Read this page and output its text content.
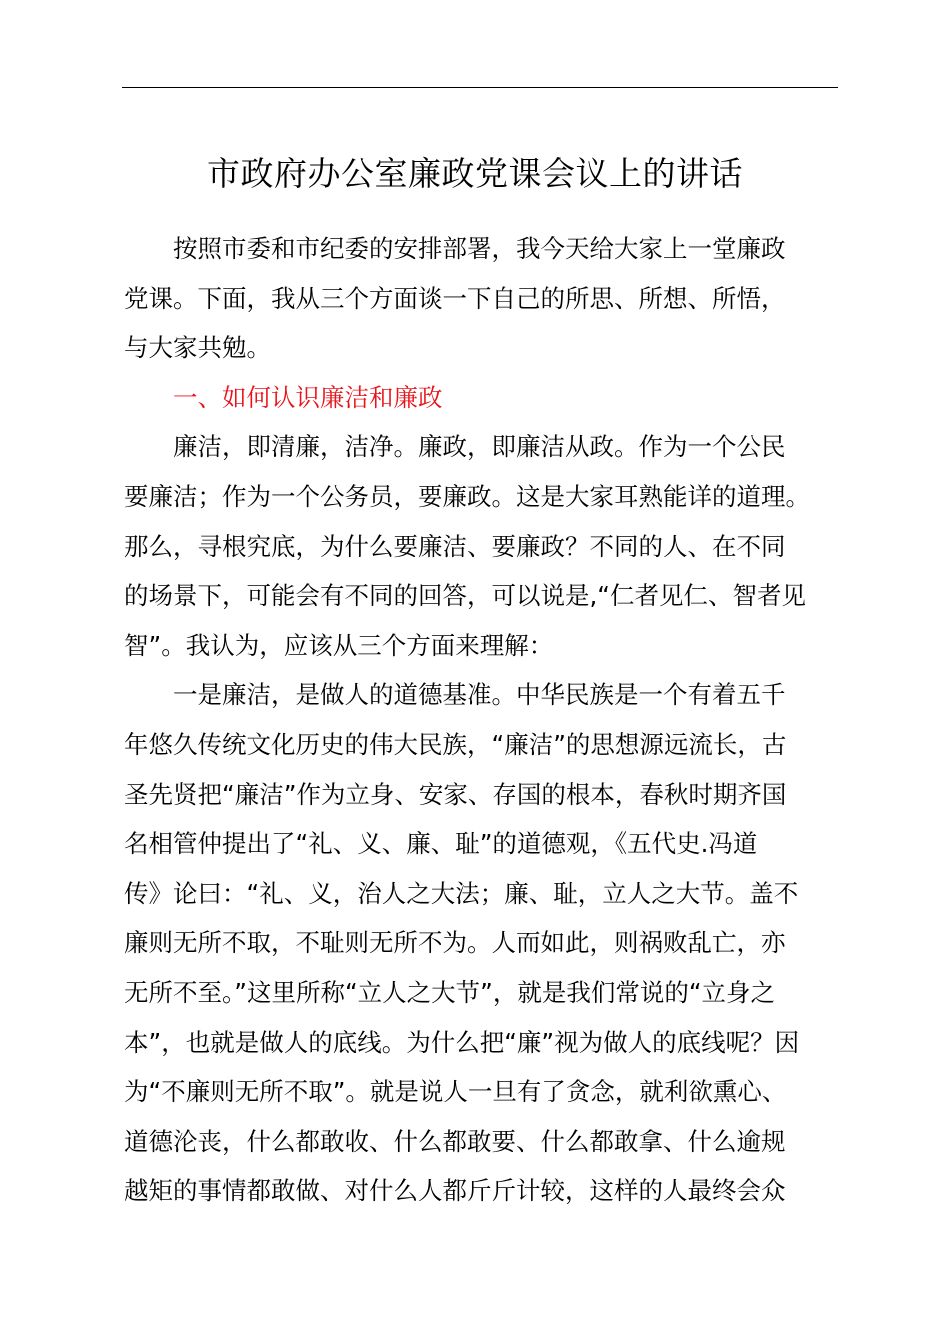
市政府办公室廉政党课会议上的讲话
按照市委和市纪委的安排部署，我今天给大家上一堂廉政
党课。下面，我从三个方面谈一下自己的所思、所想、所悟，
与大家共勉。
一、如何认识廉洁和廉政
廉洁，即清廉，洁净。廉政，即廉洁从政。作为一个公民
要廉洁；作为一个公务员，要廉政。这是大家耳熟能详的道理。
那么，寻根究底，为什么要廉洁、要廉政？不同的人、在不同
的场景下，可能会有不同的回答，可以说是,“仁者见仁、智者见
智”。我认为，应该从三个方面来理解：
一是廉洁，是做人的道德基准。中华民族是一个有着五千
年悠久传统文化历史的伟大民族，“廉洁”的思想源远流长，古
圣先贤把“廉洁”作为立身、安家、存国的根本，春秋时期齐国
名相管仲提出了“礼、义、廉、耻”的道德观，《五代史.冯道
传》论曰：“礼、义，治人之大法；廉、耻，立人之大节。盖不
廉则无所不取，不耻则无所不为。人而如此，则祸败乱亡，亦
无所不至。”这里所称“立人之大节”，就是我们常说的“立身之
本”，也就是做人的底线。为什么把“廉”视为做人的底线呢？因
为“不廉则无所不取”。就是说人一旦有了贪念，就利欲熏心、
道德沦丧，什么都敢收、什么都敢要、什么都敢拿、什么逾规
越矩的事情都敢做、对什么人都斤斤计较，这样的人最终会众
